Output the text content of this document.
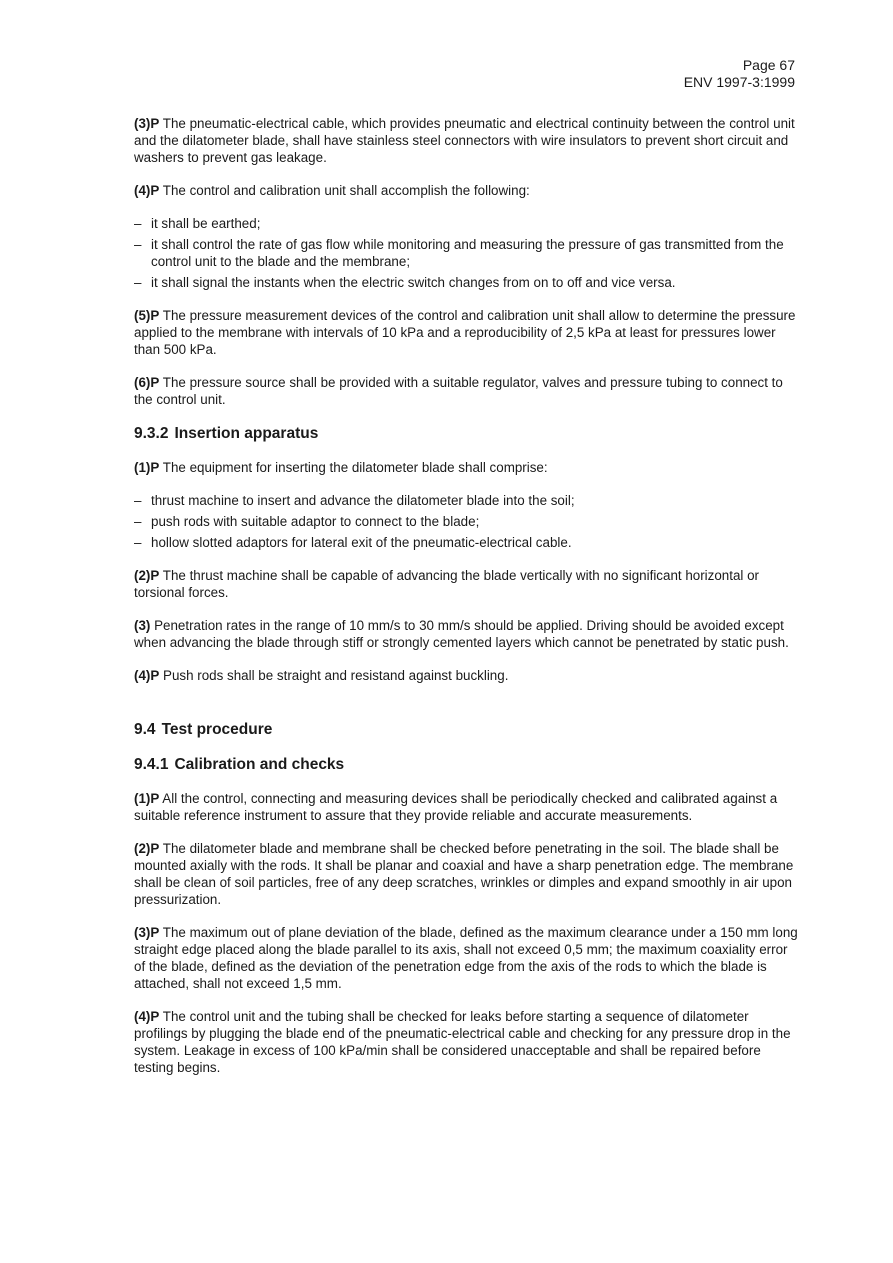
Page 67
ENV 1997-3:1999

(3)P The pneumatic-electrical cable, which provides pneumatic and electrical continuity between the control unit and the dilatometer blade, shall have stainless steel connectors with wire insulators to prevent short circuit and washers to prevent gas leakage.

(4)P The control and calibration unit shall accomplish the following:

– it shall be earthed;
– it shall control the rate of gas flow while monitoring and measuring the pressure of gas transmitted from the control unit to the blade and the membrane;
– it shall signal the instants when the electric switch changes from on to off and vice versa.

(5)P The pressure measurement devices of the control and calibration unit shall allow to determine the pressure applied to the membrane with intervals of 10 kPa and a reproducibility of 2,5 kPa at least for pressures lower than 500 kPa.

(6)P The pressure source shall be provided with a suitable regulator, valves and pressure tubing to connect to the control unit.

9.3.2 Insertion apparatus

(1)P The equipment for inserting the dilatometer blade shall comprise:

– thrust machine to insert and advance the dilatometer blade into the soil;
– push rods with suitable adaptor to connect to the blade;
– hollow slotted adaptors for lateral exit of the pneumatic-electrical cable.

(2)P The thrust machine shall be capable of advancing the blade vertically with no significant horizontal or torsional forces.

(3) Penetration rates in the range of 10 mm/s to 30 mm/s should be applied. Driving should be avoided except when advancing the blade through stiff or strongly cemented layers which cannot be penetrated by static push.

(4)P Push rods shall be straight and resistand against buckling.

9.4 Test procedure
9.4.1 Calibration and checks

(1)P All the control, connecting and measuring devices shall be periodically checked and calibrated against a suitable reference instrument to assure that they provide reliable and accurate measurements.

(2)P The dilatometer blade and membrane shall be checked before penetrating in the soil. The blade shall be mounted axially with the rods. It shall be planar and coaxial and have a sharp penetration edge. The membrane shall be clean of soil particles, free of any deep scratches, wrinkles or dimples and expand smoothly in air upon pressurization.

(3)P The maximum out of plane deviation of the blade, defined as the maximum clearance under a 150 mm long straight edge placed along the blade parallel to its axis, shall not exceed 0,5 mm; the maximum coaxiality error of the blade, defined as the deviation of the penetration edge from the axis of the rods to which the blade is attached, shall not exceed 1,5 mm.

(4)P The control unit and the tubing shall be checked for leaks before starting a sequence of dilatometer profilings by plugging the blade end of the pneumatic-electrical cable and checking for any pressure drop in the system. Leakage in excess of 100 kPa/min shall be considered unacceptable and shall be repaired before testing begins.
